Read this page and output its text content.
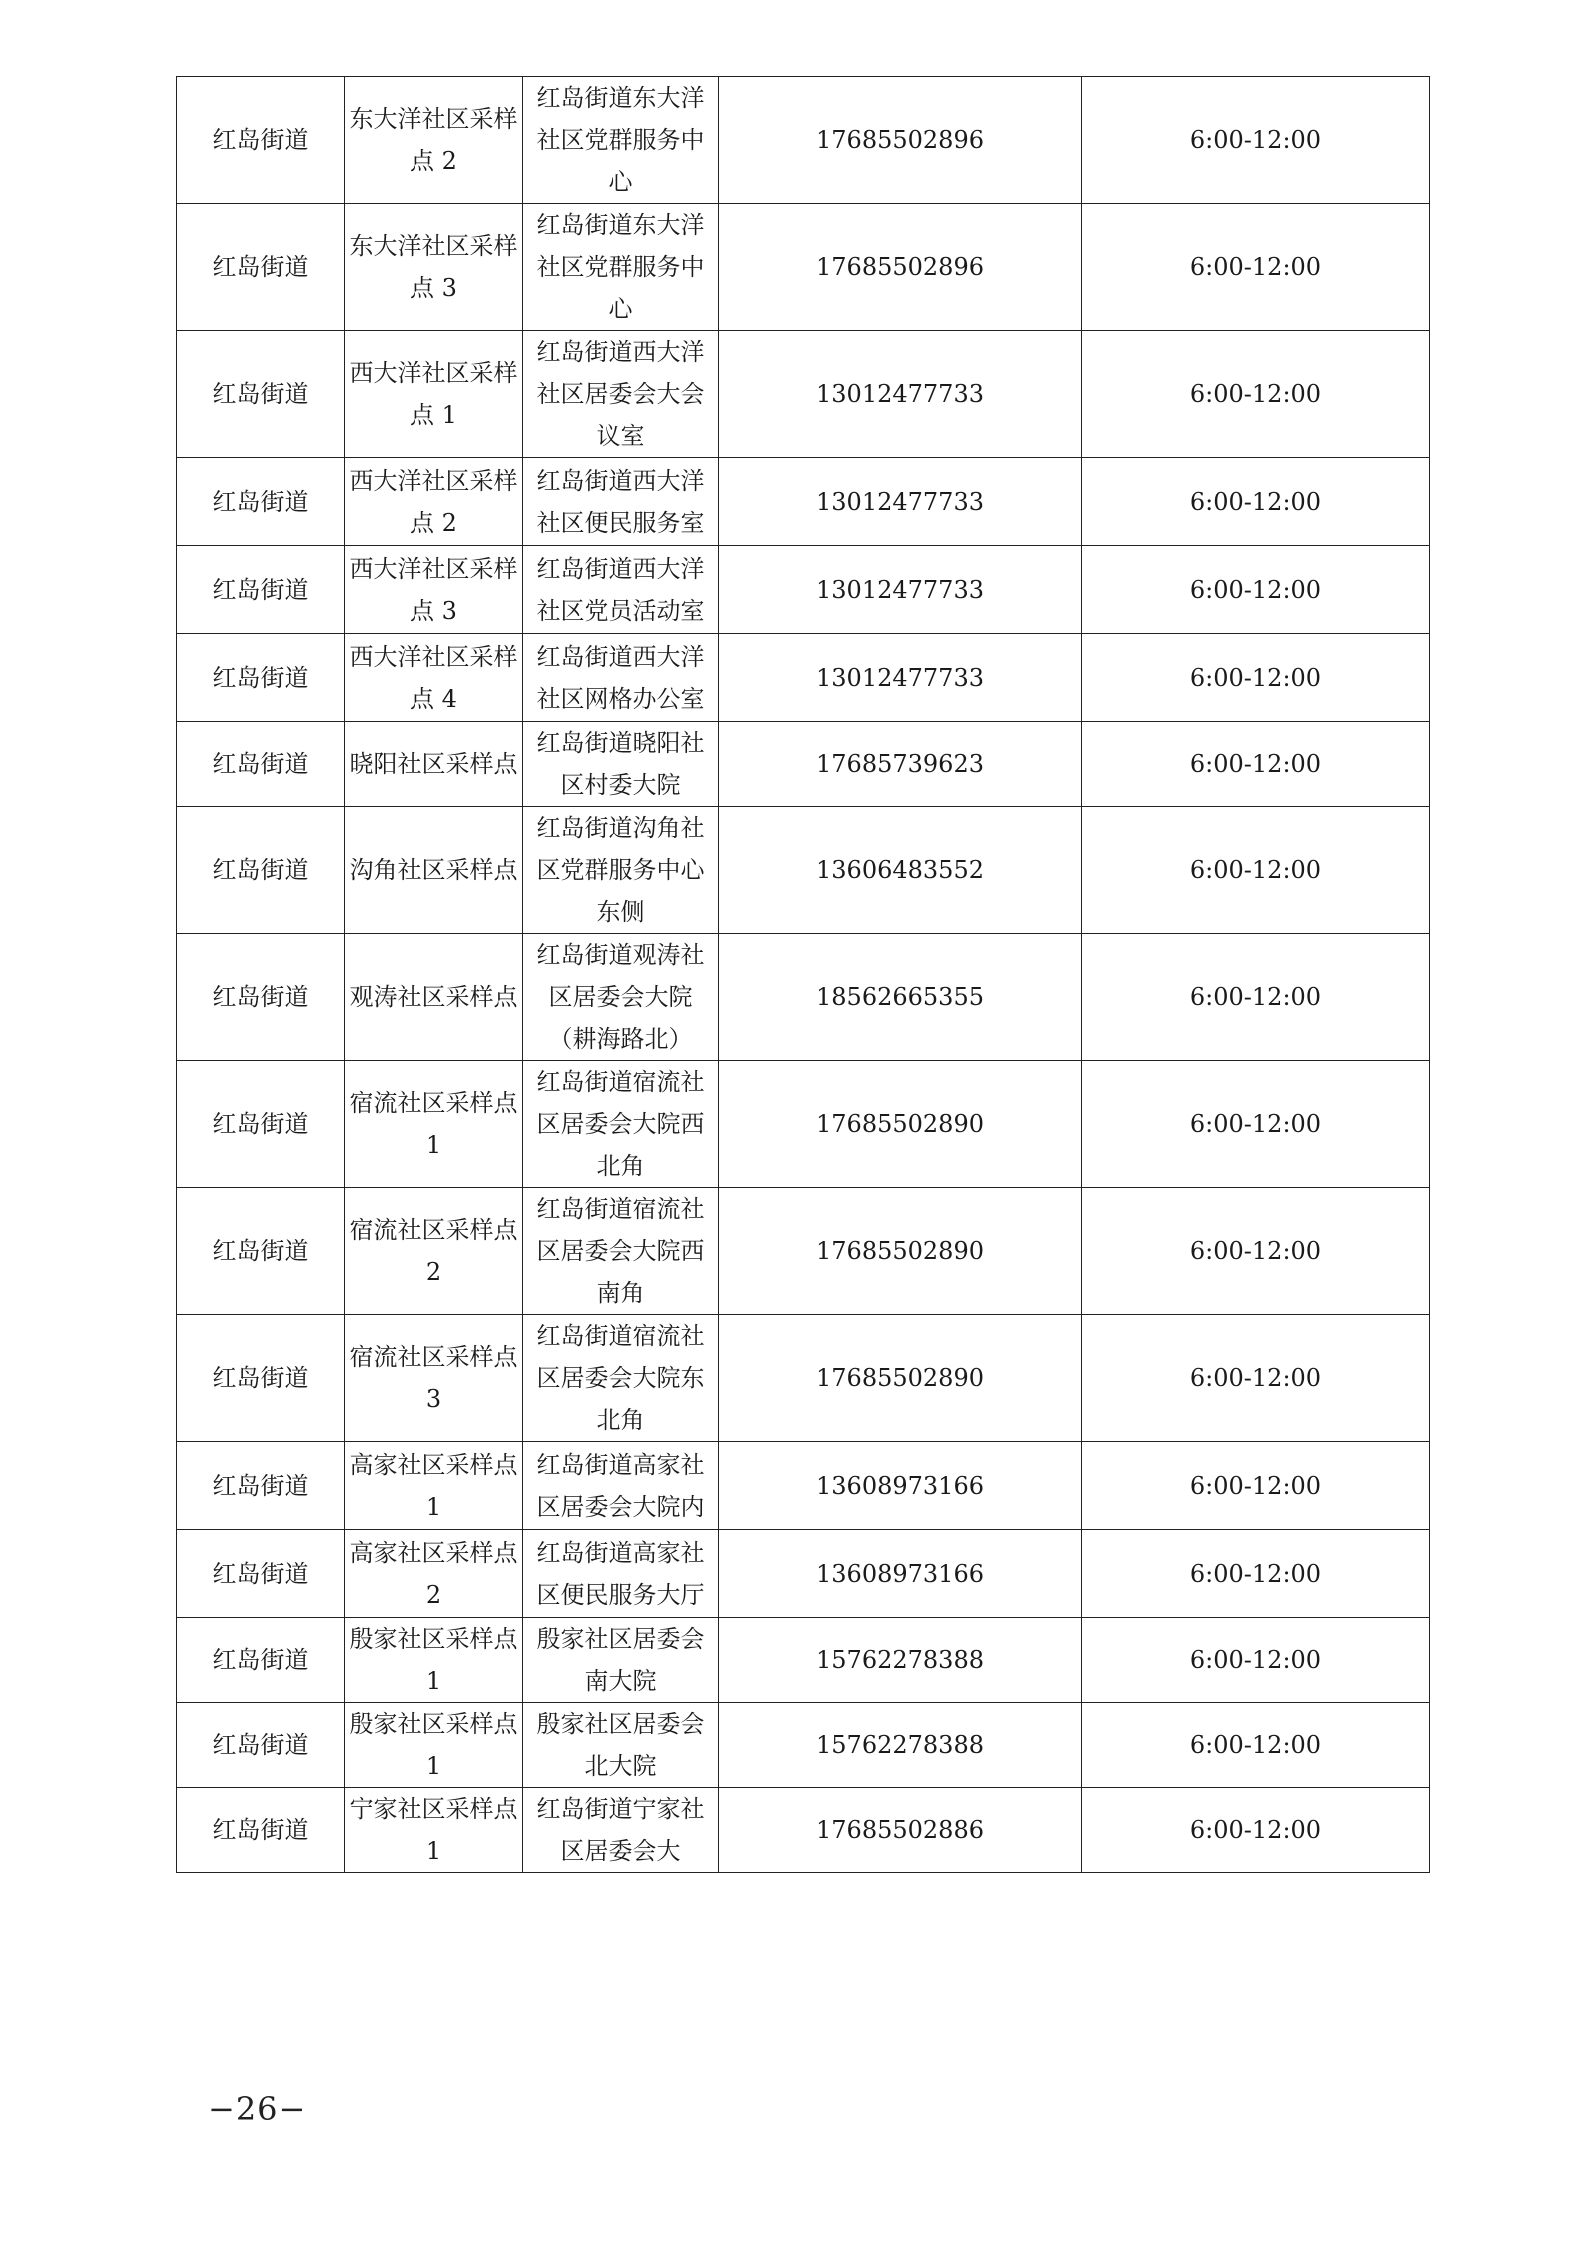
红岛街道	东大洋社区采样点 2	红岛街道东大洋社区党群服务中心	17685502896	6:00-12:00
红岛街道	东大洋社区采样点 3	红岛街道东大洋社区党群服务中心	17685502896	6:00-12:00
红岛街道	西大洋社区采样点 1	红岛街道西大洋社区居委会大会议室	13012477733	6:00-12:00
红岛街道	西大洋社区采样点 2	红岛街道西大洋社区便民服务室	13012477733	6:00-12:00
红岛街道	西大洋社区采样点 3	红岛街道西大洋社区党员活动室	13012477733	6:00-12:00
红岛街道	西大洋社区采样点 4	红岛街道西大洋社区网格办公室	13012477733	6:00-12:00
红岛街道	晓阳社区采样点	红岛街道晓阳社区村委大院	17685739623	6:00-12:00
红岛街道	沟角社区采样点	红岛街道沟角社区党群服务中心东侧	13606483552	6:00-12:00
红岛街道	观涛社区采样点	红岛街道观涛社区居委会大院（耕海路北）	18562665355	6:00-12:00
红岛街道	宿流社区采样点 1	红岛街道宿流社区居委会大院西北角	17685502890	6:00-12:00
红岛街道	宿流社区采样点 2	红岛街道宿流社区居委会大院西南角	17685502890	6:00-12:00
红岛街道	宿流社区采样点 3	红岛街道宿流社区居委会大院东北角	17685502890	6:00-12:00
红岛街道	高家社区采样点 1	红岛街道高家社区居委会大院内	13608973166	6:00-12:00
红岛街道	高家社区采样点 2	红岛街道高家社区便民服务大厅	13608973166	6:00-12:00
红岛街道	殷家社区采样点 1	殷家社区居委会南大院	15762278388	6:00-12:00
红岛街道	殷家社区采样点 1	殷家社区居委会北大院	15762278388	6:00-12:00
红岛街道	宁家社区采样点 1	红岛街道宁家社区居委会大	17685502886	6:00-12:00
−26−
